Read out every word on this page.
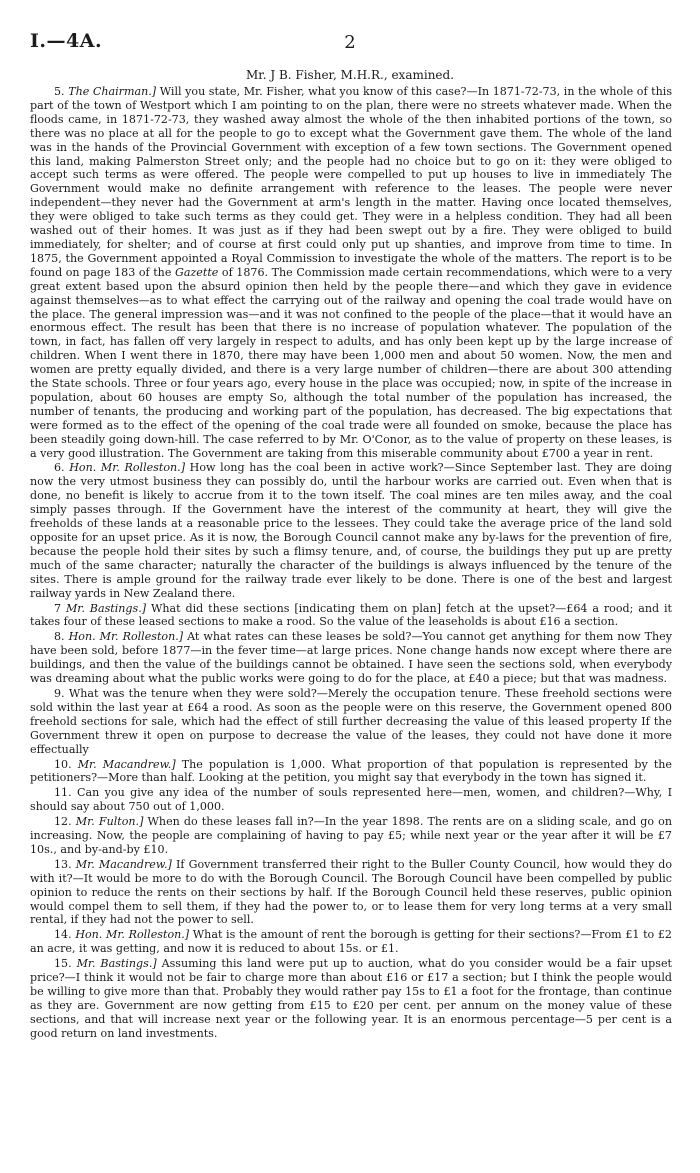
I.—4A.	2
Mr. J B. Fisher, M.H.R., examined.

5. The Chairman.] Will you state, Mr. Fisher, what you know of this case?—In 1871-72-73, in the whole of this part of the town of Westport which I am pointing to on the plan, there were no streets whatever made. When the floods came, in 1871-72-73, they washed away almost the whole of the then inhabited portions of the town, so there was no place at all for the people to go to except what the Government gave them. The whole of the land was in the hands of the Provincial Government with exception of a few town sections. The Government opened this land, making Palmerston Street only; and the people had no choice but to go on it: they were obliged to accept such terms as were offered. The people were compelled to put up houses to live in immediately The Government would make no definite arrangement with reference to the leases. The people were never independent—they never had the Government at arm's length in the matter. Having once located themselves, they were obliged to take such terms as they could get. They were in a helpless condition. They had all been washed out of their homes. It was just as if they had been swept out by a fire. They were obliged to build immediately, for shelter; and of course at first could only put up shanties, and improve from time to time. In 1875, the Government appointed a Royal Commission to investigate the whole of the matters. The report is to be found on page 183 of the Gazette of 1876. The Commission made certain recommendations, which were to a very great extent based upon the absurd opinion then held by the people there—and which they gave in evidence against themselves—as to what effect the carrying out of the railway and opening the coal trade would have on the place. The general impression was—and it was not confined to the people of the place—that it would have an enormous effect. The result has been that there is no increase of population whatever. The population of the town, in fact, has fallen off very largely in respect to adults, and has only been kept up by the large increase of children. When I went there in 1870, there may have been 1,000 men and about 50 women. Now, the men and women are pretty equally divided, and there is a very large number of children—there are about 300 attending the State schools. Three or four years ago, every house in the place was occupied; now, in spite of the increase in population, about 60 houses are empty So, although the total number of the population has increased, the number of tenants, the producing and working part of the population, has decreased. The big expectations that were formed as to the effect of the opening of the coal trade were all founded on smoke, because the place has been steadily going down-hill. The case referred to by Mr. O'Conor, as to the value of property on these leases, is a very good illustration. The Government are taking from this miserable community about £700 a year in rent.

6. Hon. Mr. Rolleston.] How long has the coal been in active work?—Since September last. They are doing now the very utmost business they can possibly do, until the harbour works are carried out. Even when that is done, no benefit is likely to accrue from it to the town itself. The coal mines are ten miles away, and the coal simply passes through. If the Government have the interest of the community at heart, they will give the freeholds of these lands at a reasonable price to the lessees. They could take the average price of the land sold opposite for an upset price. As it is now, the Borough Council cannot make any by-laws for the prevention of fire, because the people hold their sites by such a flimsy tenure, and, of course, the buildings they put up are pretty much of the same character; naturally the character of the buildings is always influenced by the tenure of the sites. There is ample ground for the railway trade ever likely to be done. There is one of the best and largest railway yards in New Zealand there.

7 Mr. Bastings.] What did these sections [indicating them on plan] fetch at the upset?—£64 a rood; and it takes four of these leased sections to make a rood. So the value of the leaseholds is about £16 a section.

8. Hon. Mr. Rolleston.] At what rates can these leases be sold?—You cannot get anything for them now They have been sold, before 1877—in the fever time—at large prices. None change hands now except where there are buildings, and then the value of the buildings cannot be obtained. I have seen the sections sold, when everybody was dreaming about what the public works were going to do for the place, at £40 a piece; but that was madness.

9. What was the tenure when they were sold?—Merely the occupation tenure. These freehold sections were sold within the last year at £64 a rood. As soon as the people were on this reserve, the Government opened 800 freehold sections for sale, which had the effect of still further decreasing the value of this leased property If the Government threw it open on purpose to decrease the value of the leases, they could not have done it more effectually

10. Mr. Macandrew.] The population is 1,000. What proportion of that population is represented by the petitioners?—More than half. Looking at the petition, you might say that everybody in the town has signed it.

11. Can you give any idea of the number of souls represented here—men, women, and children?—Why, I should say about 750 out of 1,000.

12. Mr. Fulton.] When do these leases fall in?—In the year 1898. The rents are on a sliding scale, and go on increasing. Now, the people are complaining of having to pay £5; while next year or the year after it will be £7 10s., and by-and-by £10.

13. Mr. Macandrew.] If Government transferred their right to the Buller County Council, how would they do with it?—It would be more to do with the Borough Council. The Borough Council have been compelled by public opinion to reduce the rents on their sections by half. If the Borough Council held these reserves, public opinion would compel them to sell them, if they had the power to, or to lease them for very long terms at a very small rental, if they had not the power to sell.

14. Hon. Mr. Rolleston.] What is the amount of rent the borough is getting for their sections?—From £1 to £2 an acre, it was getting, and now it is reduced to about 15s. or £1.

15. Mr. Bastings.] Assuming this land were put up to auction, what do you consider would be a fair upset price?—I think it would not be fair to charge more than about £16 or £17 a section; but I think the people would be willing to give more than that. Probably they would rather pay 15s to £1 a foot for the frontage, than continue as they are. Government are now getting from £15 to £20 per cent. per annum on the money value of these sections, and that will increase next year or the following year. It is an enormous percentage—5 per cent is a good return on land investments.
